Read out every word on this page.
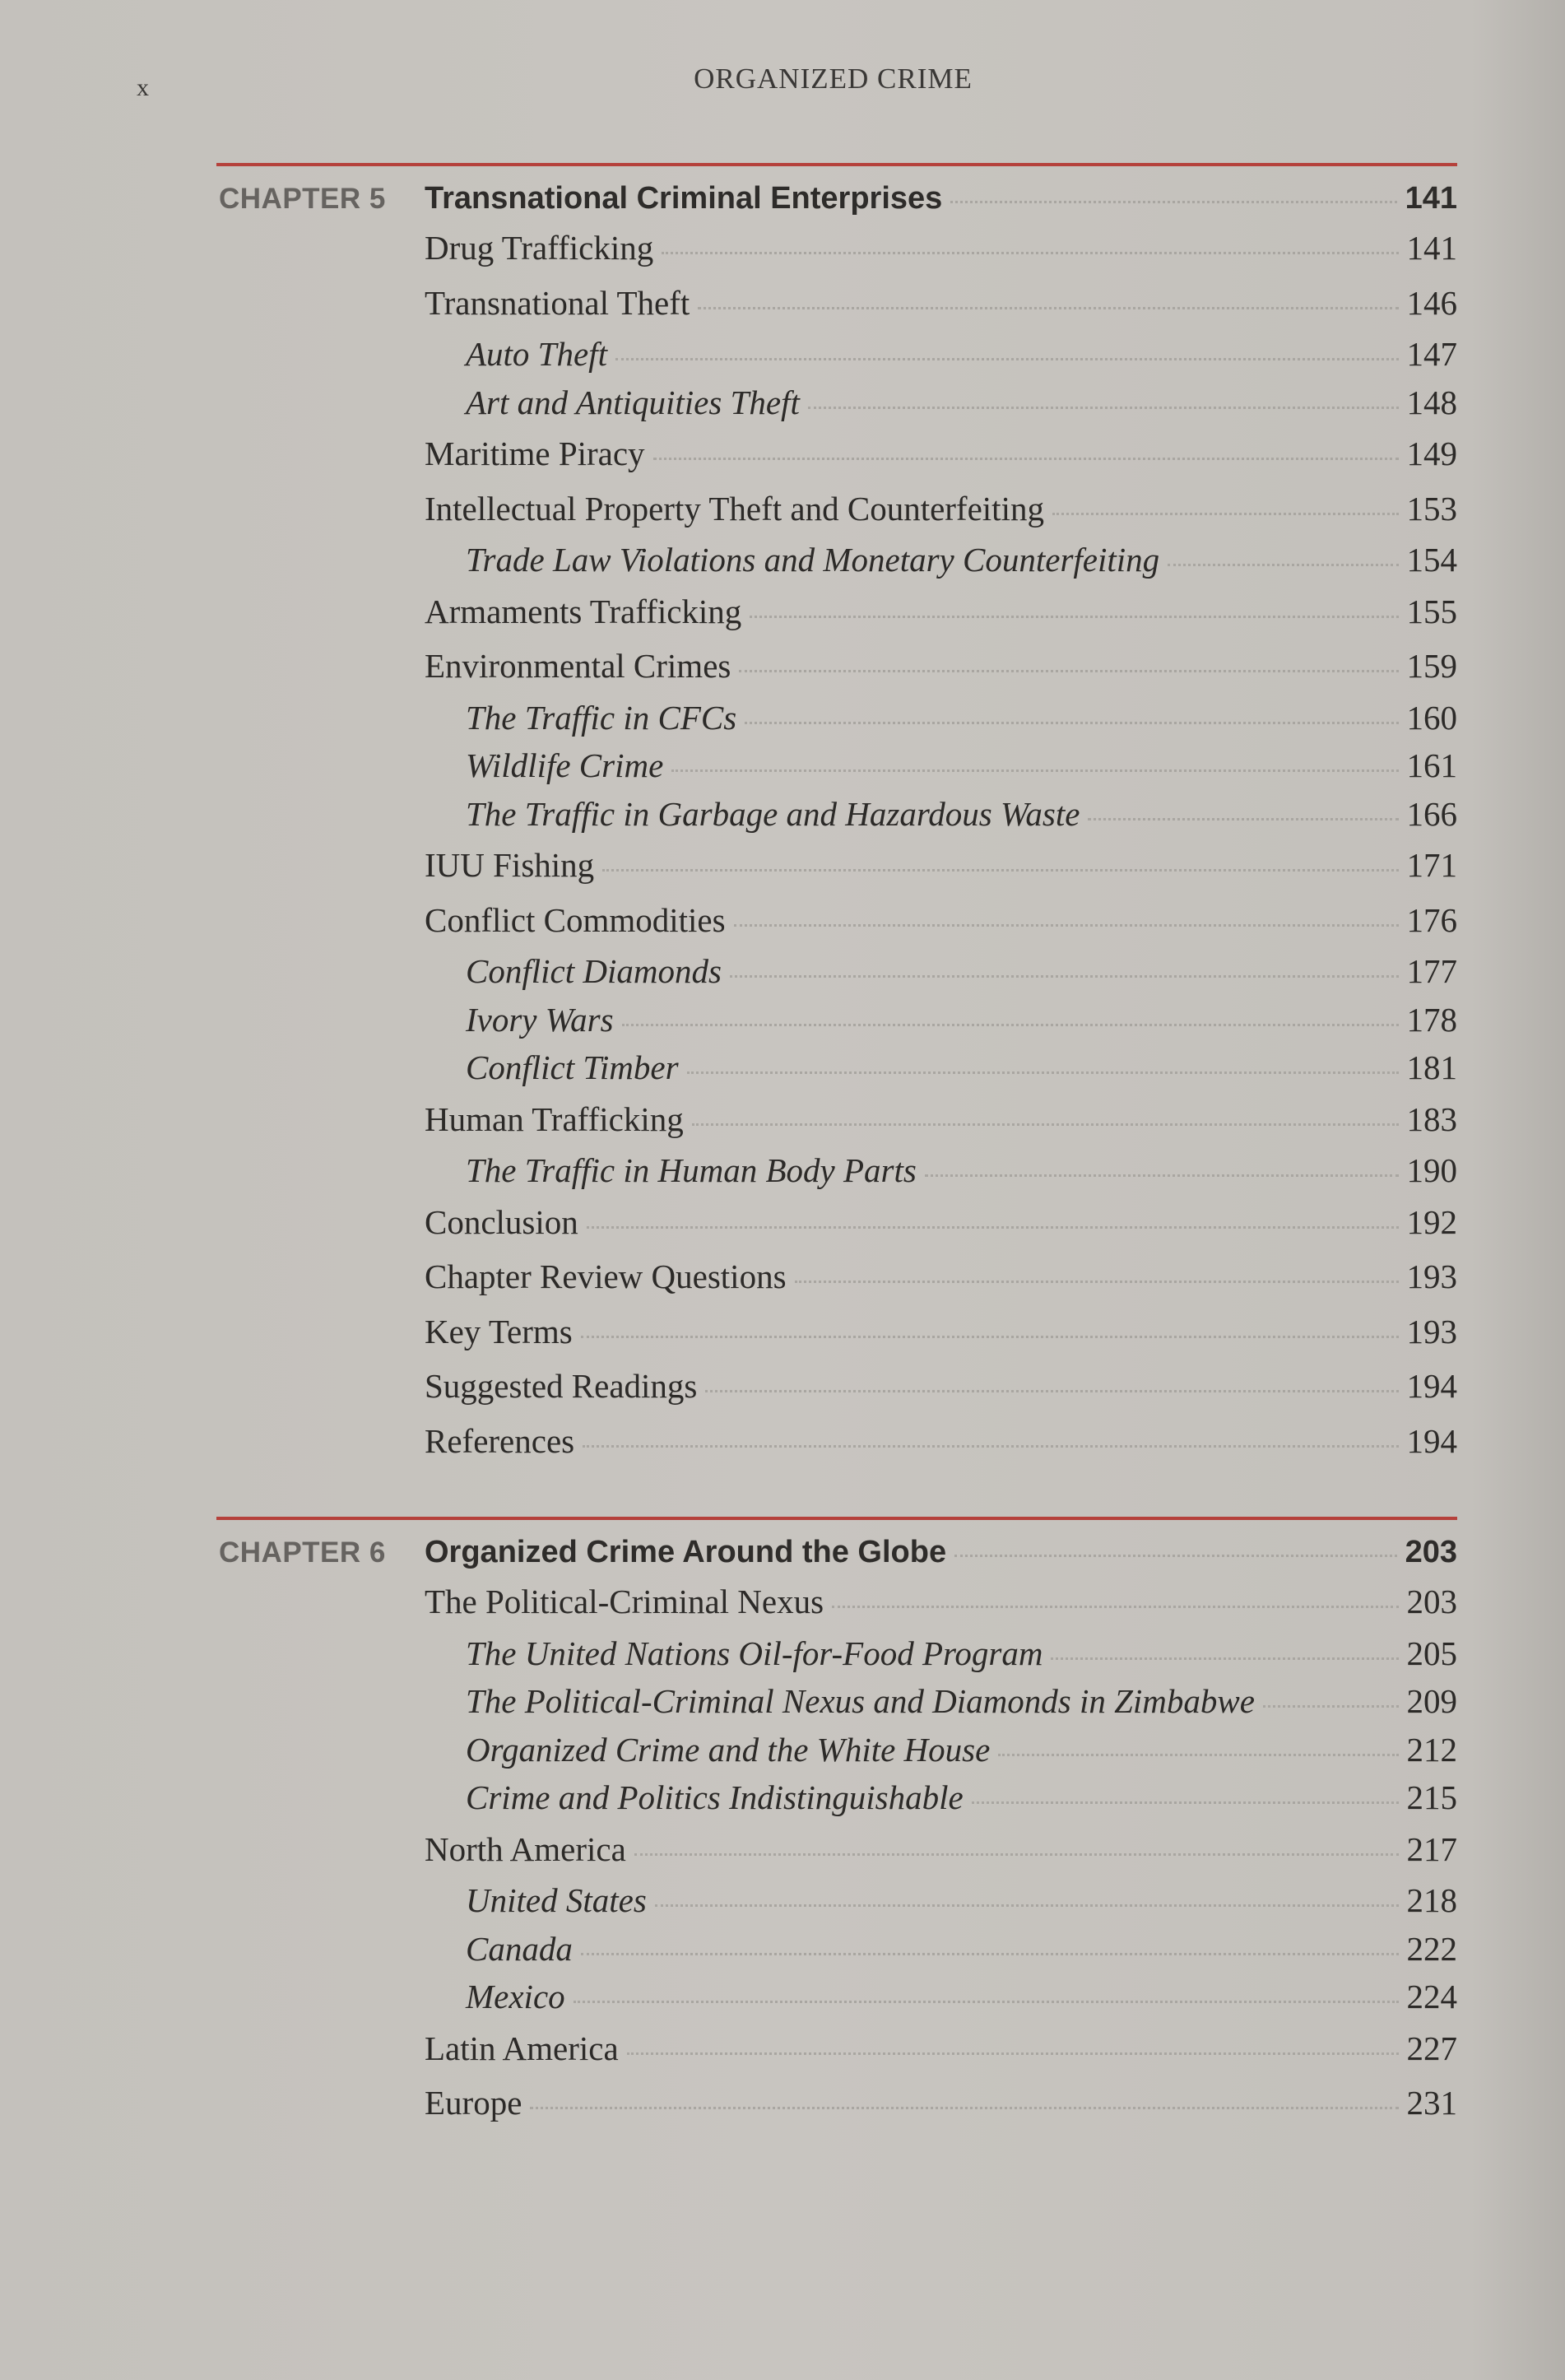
x	ORGANIZED CRIME
CHAPTER 5 Transnational Criminal Enterprises	141
Drug Trafficking	141
Transnational Theft	146
Auto Theft	147
Art and Antiquities Theft	148
Maritime Piracy	149
Intellectual Property Theft and Counterfeiting	153
Trade Law Violations and Monetary Counterfeiting	154
Armaments Trafficking	155
Environmental Crimes	159
The Traffic in CFCs	160
Wildlife Crime	161
The Traffic in Garbage and Hazardous Waste	166
IUU Fishing	171
Conflict Commodities	176
Conflict Diamonds	177
Ivory Wars	178
Conflict Timber	181
Human Trafficking	183
The Traffic in Human Body Parts	190
Conclusion	192
Chapter Review Questions	193
Key Terms	193
Suggested Readings	194
References	194
CHAPTER 6 Organized Crime Around the Globe	203
The Political-Criminal Nexus	203
The United Nations Oil-for-Food Program	205
The Political-Criminal Nexus and Diamonds in Zimbabwe	209
Organized Crime and the White House	212
Crime and Politics Indistinguishable	215
North America	217
United States	218
Canada	222
Mexico	224
Latin America	227
Europe	231
